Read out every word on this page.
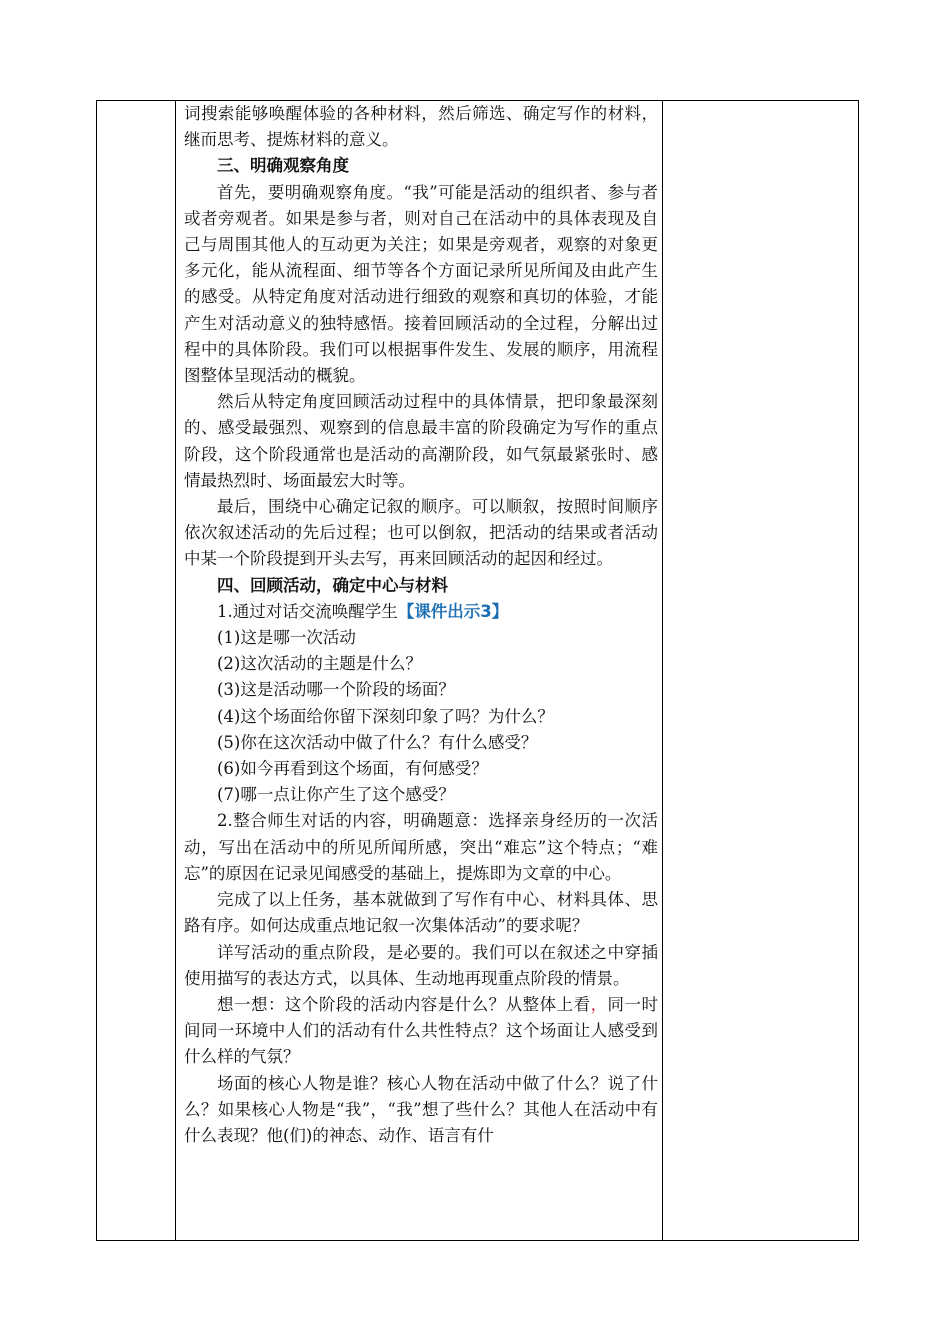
词搜索能够唤醒体验的各种材料，然后筛选、确定写作的材料，继而思考、提炼材料的意义。

三、明确观察角度

首先，要明确观察角度。“我”可能是活动的组织者、参与者或者旁观者。如果是参与者，则对自己在活动中的具体表现及自己与周围其他人的互动更为关注；如果是旁观者，观察的对象更多元化，能从流程面、细节等各个方面记录所见所闻及由此产生的感受。从特定角度对活动进行细致的观察和真切的体验，才能产生对活动意义的独特感悟。接着回顾活动的全过程，分解出过程中的具体阶段。我们可以根据事件发生、发展的顺序，用流程图整体呈现活动的概貌。

然后从特定角度回顾活动过程中的具体情景，把印象最深刻的、感受最强烈、观察到的信息最丰富的阶段确定为写作的重点阶段，这个阶段通常也是活动的高潮阶段，如气氛最紧张时、感情最热烈时、场面最宏大时等。

最后，围绕中心确定记叙的顺序。可以顺叙，按照时间顺序依次叙述活动的先后过程；也可以倒叙，把活动的结果或者活动中某一个阶段提到开头去写，再来回顾活动的起因和经过。

四、回顾活动，确定中心与材料

1.通过对话交流唤醒学生【课件出示3】

(1)这是哪一次活动

(2)这次活动的主题是什么？

(3)这是活动哪一个阶段的场面？

(4)这个场面给你留下深刻印象了吗？为什么？

(5)你在这次活动中做了什么？有什么感受？

(6)如今再看到这个场面，有何感受？

(7)哪一点让你产生了这个感受？

2.整合师生对话的内容，明确题意：选择亲身经历的一次活动，写出在活动中的所见所闻所感，突出“难忘”这个特点；“难忘”的原因在记录见闻感受的基础上，提炼即为文章的中心。

完成了以上任务，基本就做到了写作有中心、材料具体、思路有序。如何达成重点地记叙一次集体活动”的要求呢？

详写活动的重点阶段，是必要的。我们可以在叙述之中穿插使用描写的表达方式，以具体、生动地再现重点阶段的情景。

想一想：这个阶段的活动内容是什么？从整体上看，同一时间同一环境中人们的活动有什么共性特点？这个场面让人感受到什么样的气氛？

场面的核心人物是谁？核心人物在活动中做了什么？说了什么？如果核心人物是“我”，“我”想了些什么？其他人在活动中有什么表现？他(们)的神态、动作、语言有什
